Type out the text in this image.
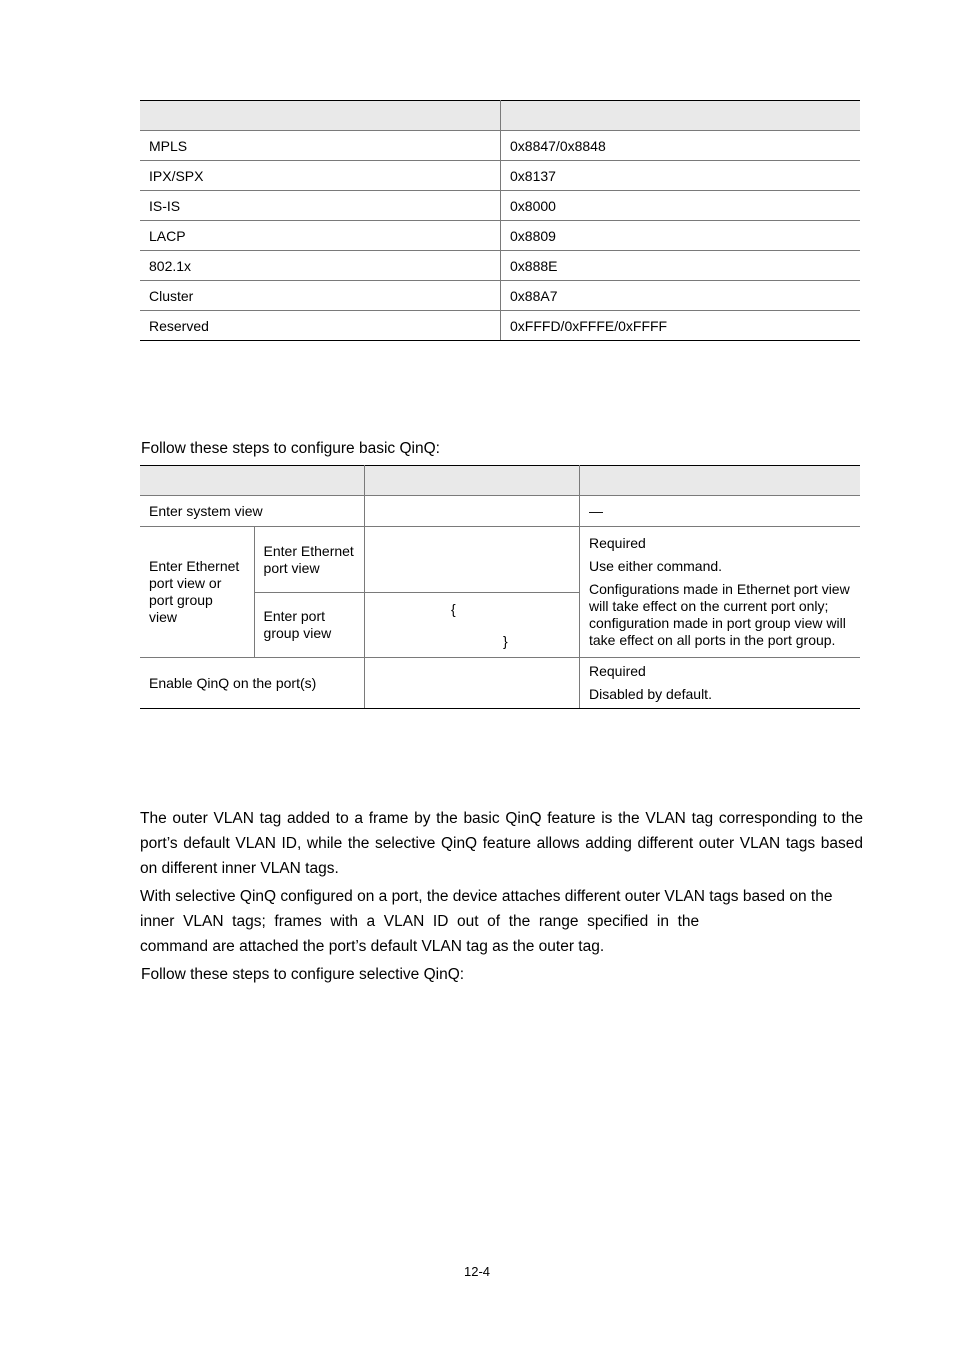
MPLS	0x8847/0x8848
IPX/SPX	0x8137
IS-IS	0x8000
LACP	0x8809
802.1x	0x888E
Cluster	0x88A7
Reserved	0xFFFD/0xFFFE/0xFFFF
Follow these steps to configure basic QinQ:

Enter system view			—
Enter Ethernet port view or port group view	Enter Ethernet port view		Required
Use either command.
Configurations made in Ethernet port view will take effect on the current port only; configuration made in port group view will take effect on all ports in the port group.

	Enter port group view	{
}	

Enable QinQ on the port(s)			Required
Disabled by default.

The outer VLAN tag added to a frame by the basic QinQ feature is the VLAN tag corresponding to the port’s default VLAN ID, while the selective QinQ feature allows adding different outer VLAN tags based on different inner VLAN tags.

With selective QinQ configured on a port, the device attaches different outer VLAN tags based on the
inner  VLAN  tags;  frames  with  a  VLAN  ID  out  of  the  range  specified  in  the
command are attached the port’s default VLAN tag as the outer tag.
Follow these steps to configure selective QinQ:
12-4
